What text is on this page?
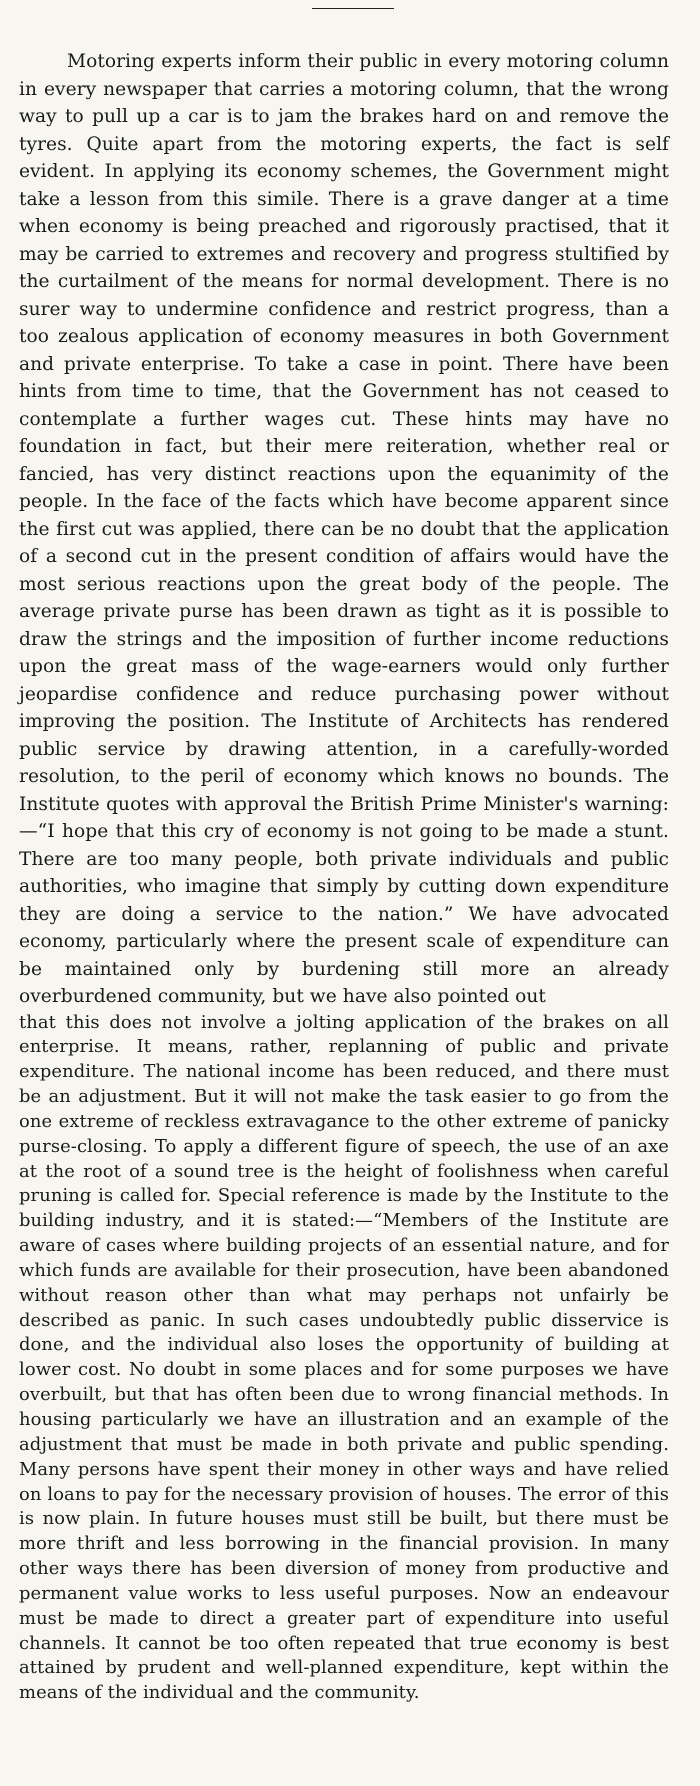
Motoring experts inform their public in every motoring column in every newspaper that carries a motoring column, that the wrong way to pull up a car is to jam the brakes hard on and remove the tyres. Quite apart from the motoring experts, the fact is self evident. In applying its economy schemes, the Government might take a lesson from this simile. There is a grave danger at a time when economy is being preached and rigorously practised, that it may be carried to extremes and recovery and progress stultified by the curtailment of the means for normal development. There is no surer way to undermine confidence and restrict progress, than a too zealous application of economy measures in both Government and private enterprise. To take a case in point. There have been hints from time to time, that the Government has not ceased to contemplate a further wages cut. These hints may have no foundation in fact, but their mere reiteration, whether real or fancied, has very distinct reactions upon the equanimity of the people. In the face of the facts which have become apparent since the first cut was applied, there can be no doubt that the application of a second cut in the present condition of affairs would have the most serious reactions upon the great body of the people. The average private purse has been drawn as tight as it is possible to draw the strings and the imposition of further income reductions upon the great mass of the wage-earners would only further jeopardise confidence and reduce purchasing power without improving the position. The Institute of Architects has rendered public service by drawing attention, in a carefully-worded resolution, to the peril of economy which knows no bounds. The Institute quotes with approval the British Prime Minister's warning:—“I hope that this cry of economy is not going to be made a stunt. There are too many people, both private individuals and public authorities, who imagine that simply by cutting down expenditure they are doing a service to the nation.” We have advocated economy, particularly where the present scale of expenditure can be maintained only by burdening still more an already overburdened community, but we have also pointed out

that this does not involve a jolting application of the brakes on all enterprise. It means, rather, replanning of public and private expenditure. The national income has been reduced, and there must be an adjustment. But it will not make the task easier to go from the one extreme of reckless extravagance to the other extreme of panicky purse-closing. To apply a different figure of speech, the use of an axe at the root of a sound tree is the height of foolishness when careful pruning is called for. Special reference is made by the Institute to the building industry, and it is stated:—“Members of the Institute are aware of cases where building projects of an essential nature, and for which funds are available for their prosecution, have been abandoned without reason other than what may perhaps not unfairly be described as panic. In such cases undoubtedly public disservice is done, and the individual also loses the opportunity of building at lower cost. No doubt in some places and for some purposes we have overbuilt, but that has often been due to wrong financial methods. In housing particularly we have an illustration and an example of the adjustment that must be made in both private and public spending. Many persons have spent their money in other ways and have relied on loans to pay for the necessary provision of houses. The error of this is now plain. In future houses must still be built, but there must be more thrift and less borrowing in the financial provision. In many other ways there has been diversion of money from productive and permanent value works to less useful purposes. Now an endeavour must be made to direct a greater part of expenditure into useful channels. It cannot be too often repeated that true economy is best attained by prudent and well-planned expenditure, kept within the means of the individual and the community.
